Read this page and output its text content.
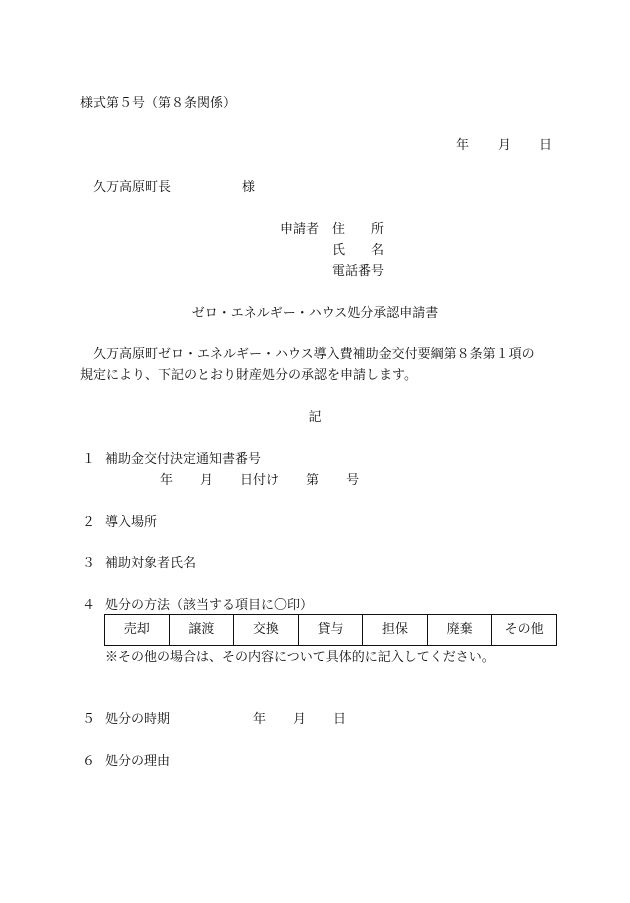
様式第５号（第８条関係）
年 月 日
久万高原町長	様
申請者 住　　所
氏　　名
電話番号
ゼロ・エネルギー・ハウス処分承認申請書
久万高原町ゼロ・エネルギー・ハウス導入費補助金交付要綱第８条第１項の
規定により、下記のとおり財産処分の承認を申請します。
記
１ 補助金交付決定通知書番号
年 月 日付け 第 号
２ 導入場所
３ 補助対象者氏名
４ 処分の方法（該当する項目に〇印）
売却	譲渡	交換	貸与	担保	廃棄	その他
※その他の場合は、その内容について具体的に記入してください。
５ 処分の時期	年 月 日
６ 処分の理由
